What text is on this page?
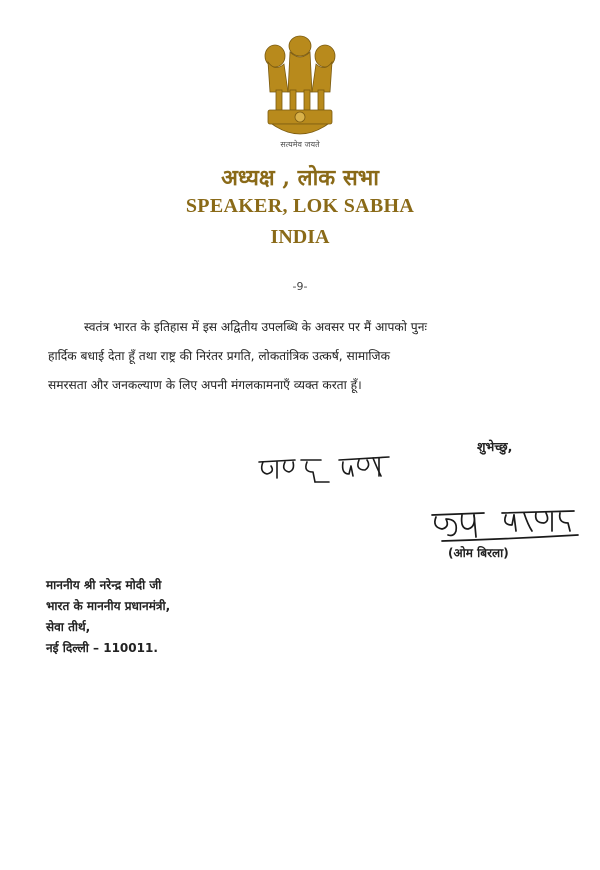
सत्यमेव जयते
अध्यक्ष , लोक सभा
SPEAKER, LOK SABHA
INDIA
-9-
स्वतंत्र भारत के इतिहास में इस अद्वितीय उपलब्धि के अवसर पर मैं आपको पुनः
हार्दिक बधाई देता हूँ तथा राष्ट्र की निरंतर प्रगति, लोकतांत्रिक उत्कर्ष, सामाजिक
समरसता और जनकल्याण के लिए अपनी मंगलकामनाएँ व्यक्त करता हूँ।
शुभेच्छु,
(ओम बिरला)
माननीय श्री नरेन्द्र मोदी जी
भारत के माननीय प्रधानमंत्री,
सेवा तीर्थ,
नई दिल्ली – 110011.
